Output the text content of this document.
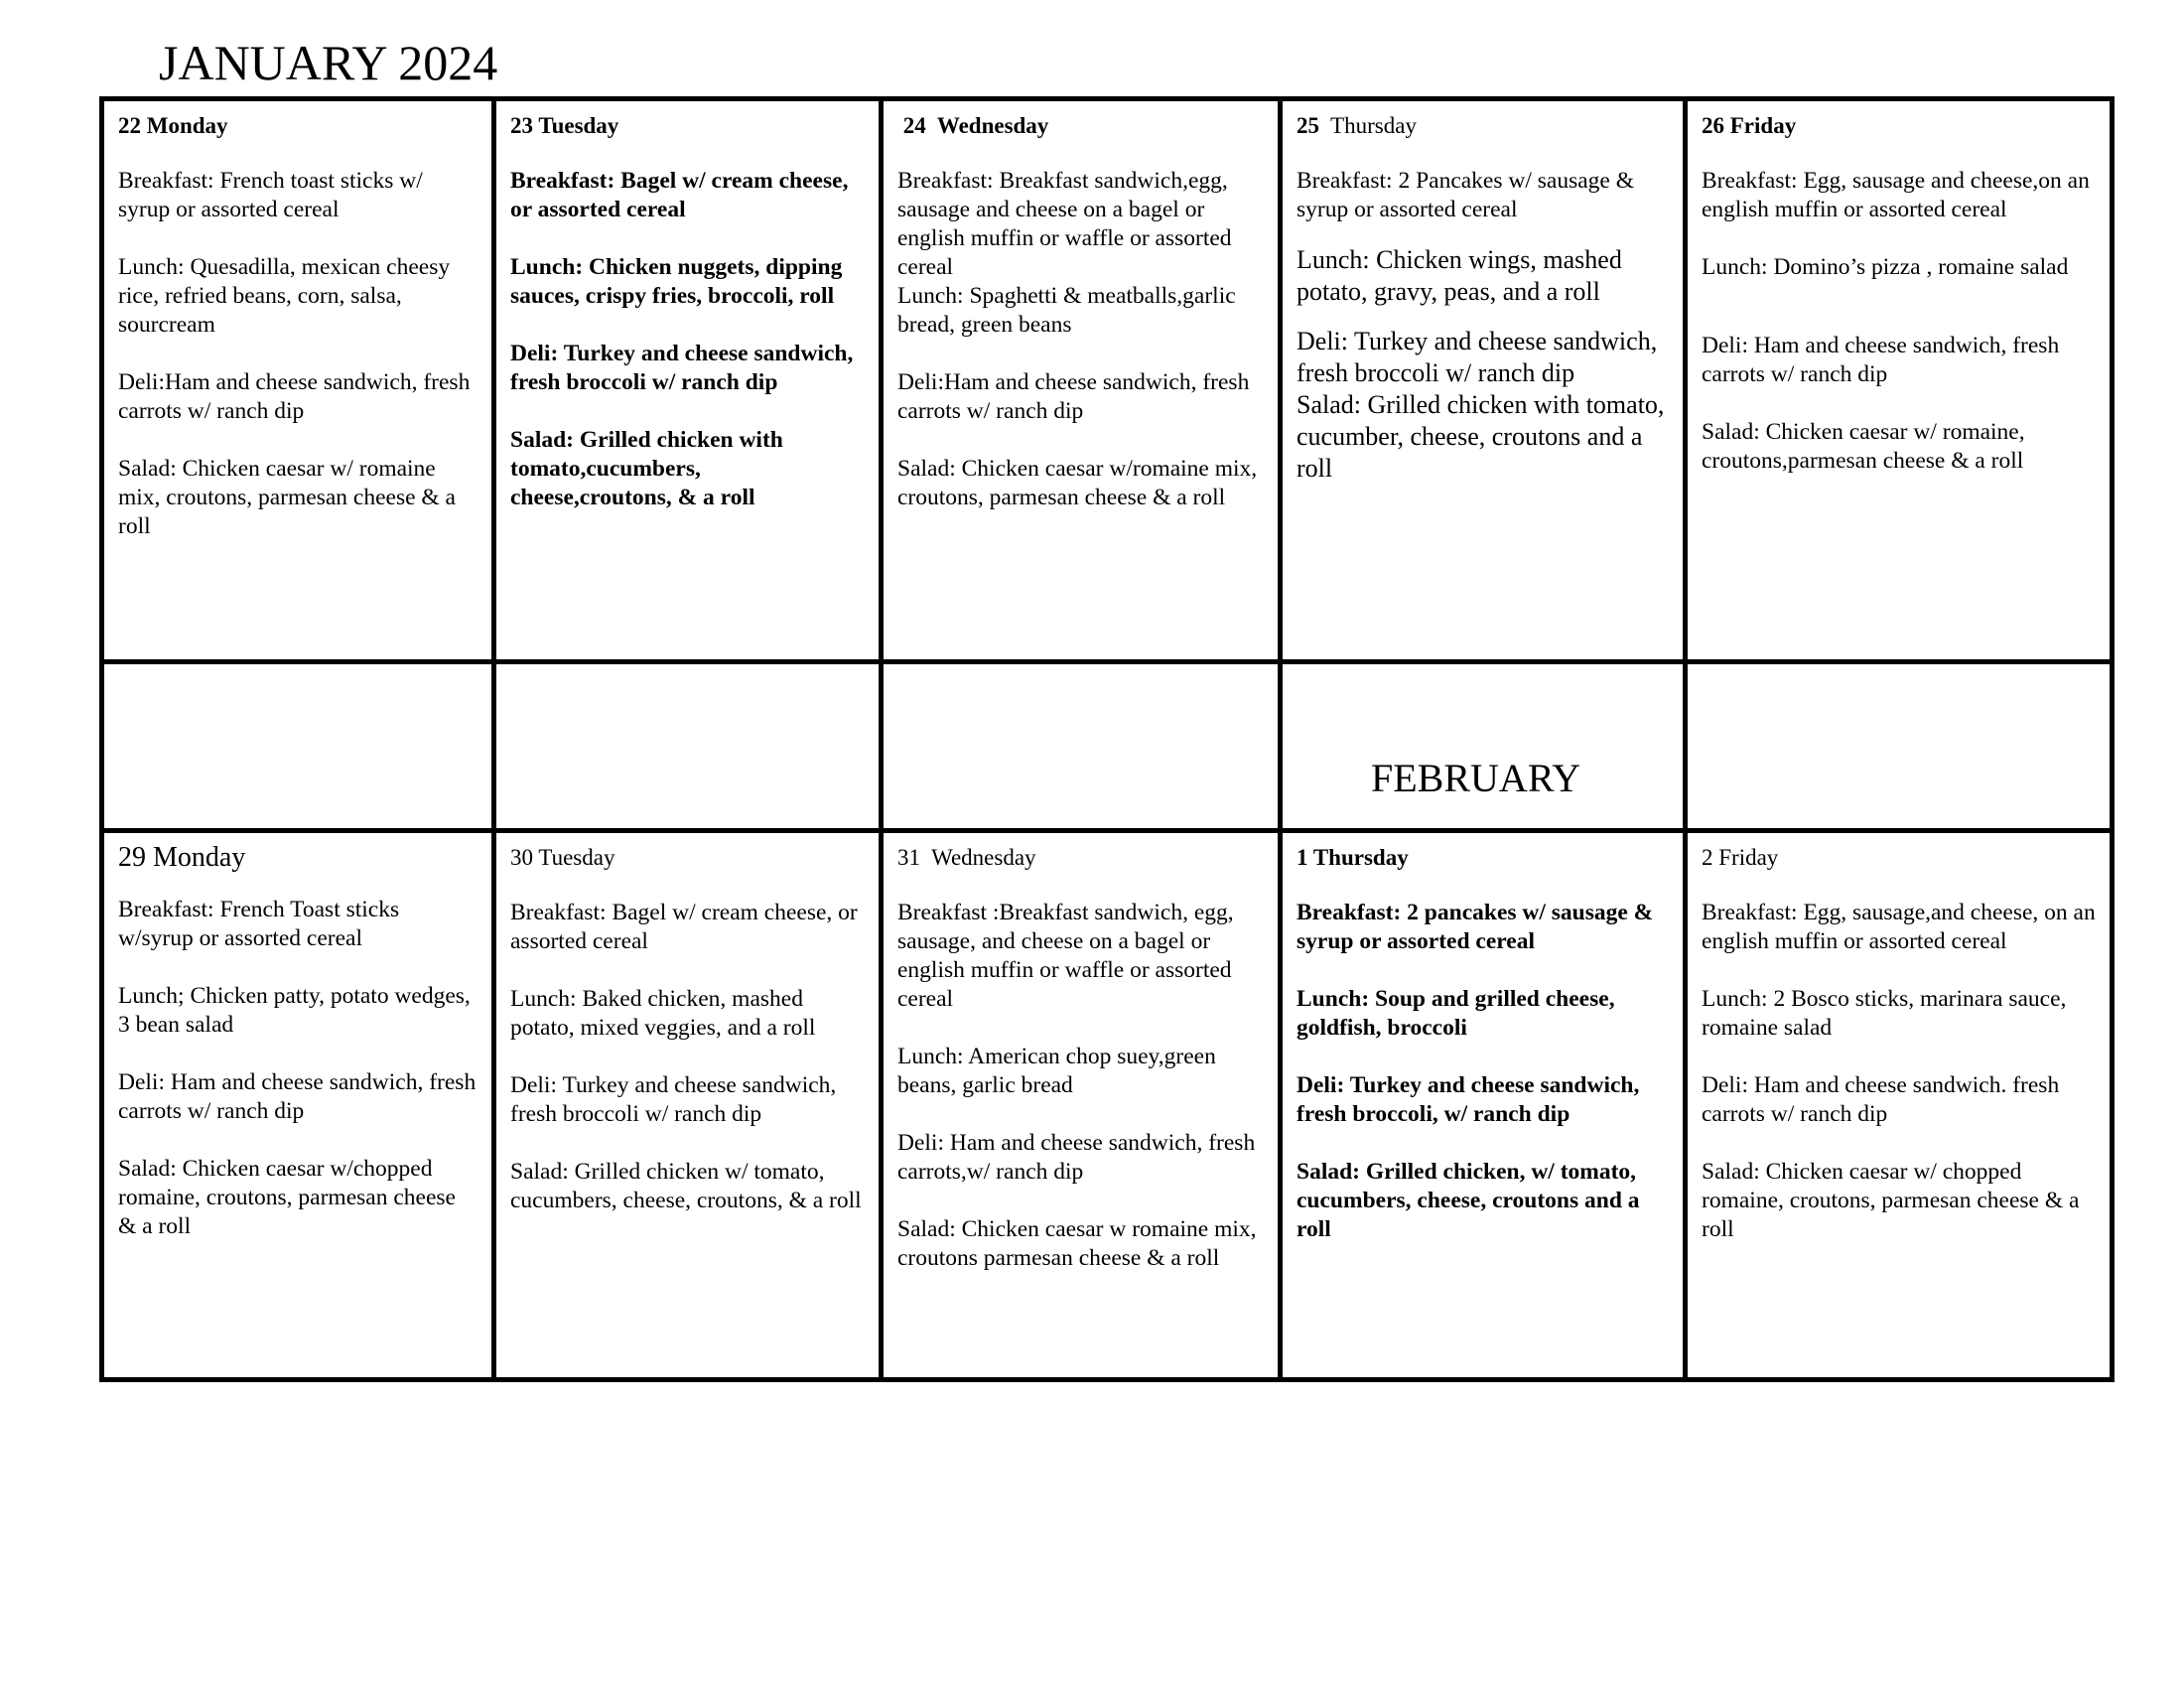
JANUARY 2024
22 Monday
Breakfast: French toast sticks w/ syrup or assorted cereal
Lunch: Quesadilla, mexican cheesy rice, refried beans, corn, salsa, sourcream
Deli:Ham and cheese sandwich, fresh carrots w/ ranch dip
Salad: Chicken caesar w/ romaine mix, croutons, parmesan cheese & a roll
23 Tuesday
Breakfast: Bagel w/ cream cheese, or assorted cereal
Lunch: Chicken nuggets, dipping sauces, crispy fries, broccoli, roll
Deli: Turkey and cheese sandwich, fresh broccoli w/ ranch dip
Salad: Grilled chicken with tomato,cucumbers, cheese,croutons, & a roll
24  Wednesday
Breakfast: Breakfast sandwich,egg, sausage and cheese on a bagel or english muffin or waffle or assorted cereal
Lunch: Spaghetti & meatballs,garlic bread, green beans
Deli:Ham and cheese sandwich, fresh carrots w/ ranch dip
Salad: Chicken caesar w/romaine mix, croutons, parmesan cheese & a roll
25  Thursday
Breakfast: 2 Pancakes w/ sausage & syrup or assorted cereal
Lunch: Chicken wings, mashed potato, gravy, peas, and a roll
Deli: Turkey and cheese sandwich, fresh broccoli w/ ranch dip
Salad: Grilled chicken with tomato, cucumber, cheese, croutons and a roll
26 Friday
Breakfast: Egg, sausage and cheese,on an english muffin or assorted cereal
Lunch: Domino’s pizza , romaine salad
Deli: Ham and cheese sandwich, fresh carrots w/ ranch dip
Salad: Chicken caesar w/ romaine, croutons,parmesan cheese & a roll
29 Monday
Breakfast: French Toast sticks w/syrup or assorted cereal
Lunch; Chicken patty, potato wedges, 3 bean salad
Deli: Ham and cheese sandwich, fresh carrots w/ ranch dip
Salad: Chicken caesar w/chopped romaine, croutons, parmesan cheese & a roll
30 Tuesday
Breakfast: Bagel w/ cream cheese, or assorted cereal
Lunch: Baked chicken, mashed potato, mixed veggies, and a roll
Deli: Turkey and cheese sandwich, fresh broccoli w/ ranch dip
Salad: Grilled chicken w/ tomato, cucumbers, cheese, croutons, & a roll
31  Wednesday
Breakfast :Breakfast sandwich, egg, sausage, and cheese on a bagel or english muffin or waffle or assorted cereal
Lunch: American chop suey,green beans, garlic bread
Deli: Ham and cheese sandwich, fresh carrots,w/ ranch dip
Salad: Chicken caesar w romaine mix, croutons parmesan cheese & a roll
1 Thursday
Breakfast: 2 pancakes w/ sausage & syrup or assorted cereal
Lunch: Soup and grilled cheese, goldfish, broccoli
Deli: Turkey and cheese sandwich, fresh broccoli, w/ ranch dip
Salad: Grilled chicken, w/ tomato, cucumbers, cheese, croutons and a roll
2 Friday
Breakfast: Egg, sausage,and cheese, on an english muffin or assorted cereal
Lunch: 2 Bosco sticks, marinara sauce, romaine salad
Deli: Ham and cheese sandwich. fresh carrots w/ ranch dip
Salad: Chicken caesar w/ chopped romaine, croutons, parmesan cheese & a roll
FEBRUARY
